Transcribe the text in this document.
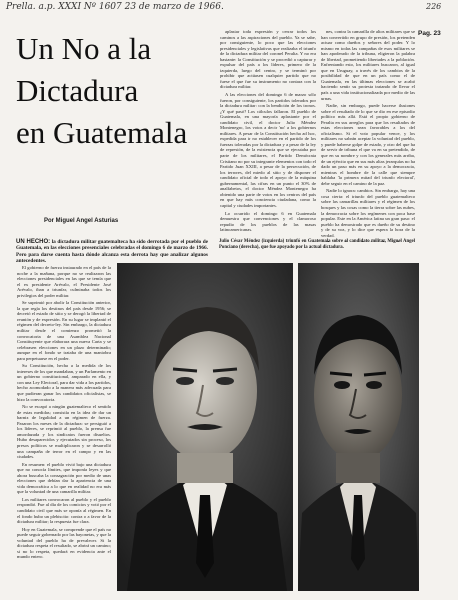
Prella. a.p. XXXI Nº 1607 23 de marzo de 1966.	226
Pag. 23
Un No a la
Dictadura
en Guatemala
Por Miguel Angel Asturias

aplastar toda expresión y cerrar todos los caminos a las aspiraciones del pueblo. Ya se sabe, por consiguiente, lo poco que las elecciones presidenciales y legislativas que realizaba el triunfo de la dictadura militar del coronel Peralta. Y no era bastante: la Constitución y se procedió a capturar y expulsar del país a los líderes, primero de la izquierda, luego del centro, y se terminó por prohibir que actúasen cualquier partido que no fuese el que fue su instrumento no contara con la dictadura militar.

A las elecciones del domingo 6 de marzo sólo fueron, por consiguiente, los partidos tolerados por la dictadura militar: con la bendición de los tronos. ¿Y qué pasó? Los cálculos fallaron. El pueblo de Guatemala, en una mayoría aplastante por el candidato civil, el doctor Julio Méndez Montenegro, los votos a decir 'no' a los gobiernos militares. A pesar de la Constitución hecha ad hoc, expedida para ir no establecer en el partido de los fuerzas toleradas por la dictadura y a pesar de la ley de represión, de la existencia que se ejecutaba por parte de los militares, el Partido Demócrata Cristiano no por su integrante elementos con todo el Partido Juan XXIII, a pesar de la persecución, de los terrores, del miedo al sitio y de disponer el candidato oficial de todo el apoyo de la máquina gubernamental, las cifras en un punto el 30% de analfabetos, el doctor Méndez Montenegro ha obtenido una parte de votos en los centros del país en que hay más conciencia ciudadana, como la capital y ciudades importantes.

Lo ocurrido el domingo 6 en Guatemala demuestra que convenciones y el clamoroso repudio de los pueblos de las masas latinoamericanas.

nes, contra la camarilla de altos militares que se han convertido en grupo de presión, los pretenden actuar como dueños y señores del poder. Y lo mismo en todas las campañas de esos militares se han apoderado de la tribuna, eligieron la palabra de libertad, prometiendo libertades a la población. Enfrentando esto, los militares buscaron, al igual que en Uruguay, a través de los cambios de la posibilidad de que en un país como el de Guatemala, en las últimas elecciones se acabó haciendo sentir su protesta tratando de llevar el país a una vida institucionalizada por medio de las urnas.

Nadie, sin embargo, puede hacerse ilusiones sobre el resultado de lo que se dio en ese episodio político más allá. Está el propio gobierno de Peralta en sus arreglos para que los resultados de estas elecciones sean favorables a los del oficialismo. Si el voto popular vence, y los militares no sabrán aceptar la voluntad del pueblo, y puede haberse golpe de estado, y otro del que ha de servir de tribuna el que va en su pretendido, de que en su nombre y con los generales más arriba, de un ejército que en sus más altas jerarquías no ha dado un paso más en su apoyo a la democracia, mientras el hombre de la calle que siempre hablaba 'la primera mitad del triunfo electoral', debe seguir en el camino de la paz.

Nadie lo ignora: cambios. Sin embargo, hay una cosa cierta: el triunfo del pueblo guatemalteco sobre las camarillas militares y el régimen de los bosques y las cosas como la tierra sobre las nubes, la democracia sobre los regímenes con poca base popular. Este en la América latina un gran paso: el pueblo ha demostrado que es dueño de su destino y de su voz, y lo dice que espera la hora de la verdad.

UN HECHO: la dictadura militar guatemalteca ha sido derrotada por el pueblo de Guatemala, en las elecciones presenciales celebradas el domingo 6 de marzo de 1966. Pero para darse cuenta hasta dónde alcanza esta derrota hay que analizar algunos antecedentes.
Julio César Méndez (izquierda) triunfó en Guatemala sobre el candidato militar, Miguel Angel Ponciano (derecha), que fue apoyado por la actual dictadura.

El gobierno de fuerza instaurado en el país de la noche a la mañana, porque no se realizaron las elecciones presidenciales en las que se temía que el ex presidente Arévalo, el Presidente José Arévalo, iban a triunfar, culminaba todos los privilegios del poder militar.

Se suprimió por abolir la Constitución anterior, la que regía los destinos del país desde 1956; se decretó el estado de sitio y se derogó la libertad de reunión y de expresión. En su lugar se implantó el régimen del decreto-ley. Sin embargo, la dictadura militar desde el comienzo prometió la convocatoria de una Asamblea Nacional Constituyente que elaborara una nueva Carta y se celebrasen elecciones en un plazo determinado; aunque en el fondo se trataba de una maniobra para perpetuarse en el poder.

Su Constitución, hecha a la medida de los intereses de los que mandaban, y un Parlamento en un gobierno constitucional, amparado en ella, y con una Ley Electoral, para dar vida a los partidos, hecho acomodado a la manera más adecuada para que pudieran ganar los candidatos oficialistas, se hizo la convocatoria.

No se escapó a ningún guatemalteco el sentido de estas medidas; consistía en la idea de dar un barniz de legalidad a un régimen de fuerza. Pasaron los meses de la dictadura: se persiguió a los líderes, se reprimió al pueblo, la prensa fue amordazada y los sindicatos fueron disueltos. Hubo desaparecidos y ejecutados sin proceso, los presos políticos se multiplicaron y se desarrolló una campaña de terror en el campo y en las ciudades.

En resumen: el pueblo vivió bajo una dictadura que no conocía límites, que imponía leyes y que ahora buscaba la consagración por medio de unas elecciones que debían dar la apariencia de una vida democrática a lo que en realidad no era más que la voluntad de una camarilla militar.

Los militares convocaron al pueblo y el pueblo respondió. Fue al día de los comicios y votó por el candidato civil que más se oponía al régimen. En el fondo hubo un plebiscito: contra o a favor de la dictadura militar; la respuesta fue clara.

Hoy en Guatemala, se comprende que el país no puede seguir gobernado por las bayonetas, y que la voluntad del pueblo ha de prevalecer. Si la dictadura respeta el resultado, se abrirá un camino; si no lo respeta, quedará en evidencia ante el mundo entero.
